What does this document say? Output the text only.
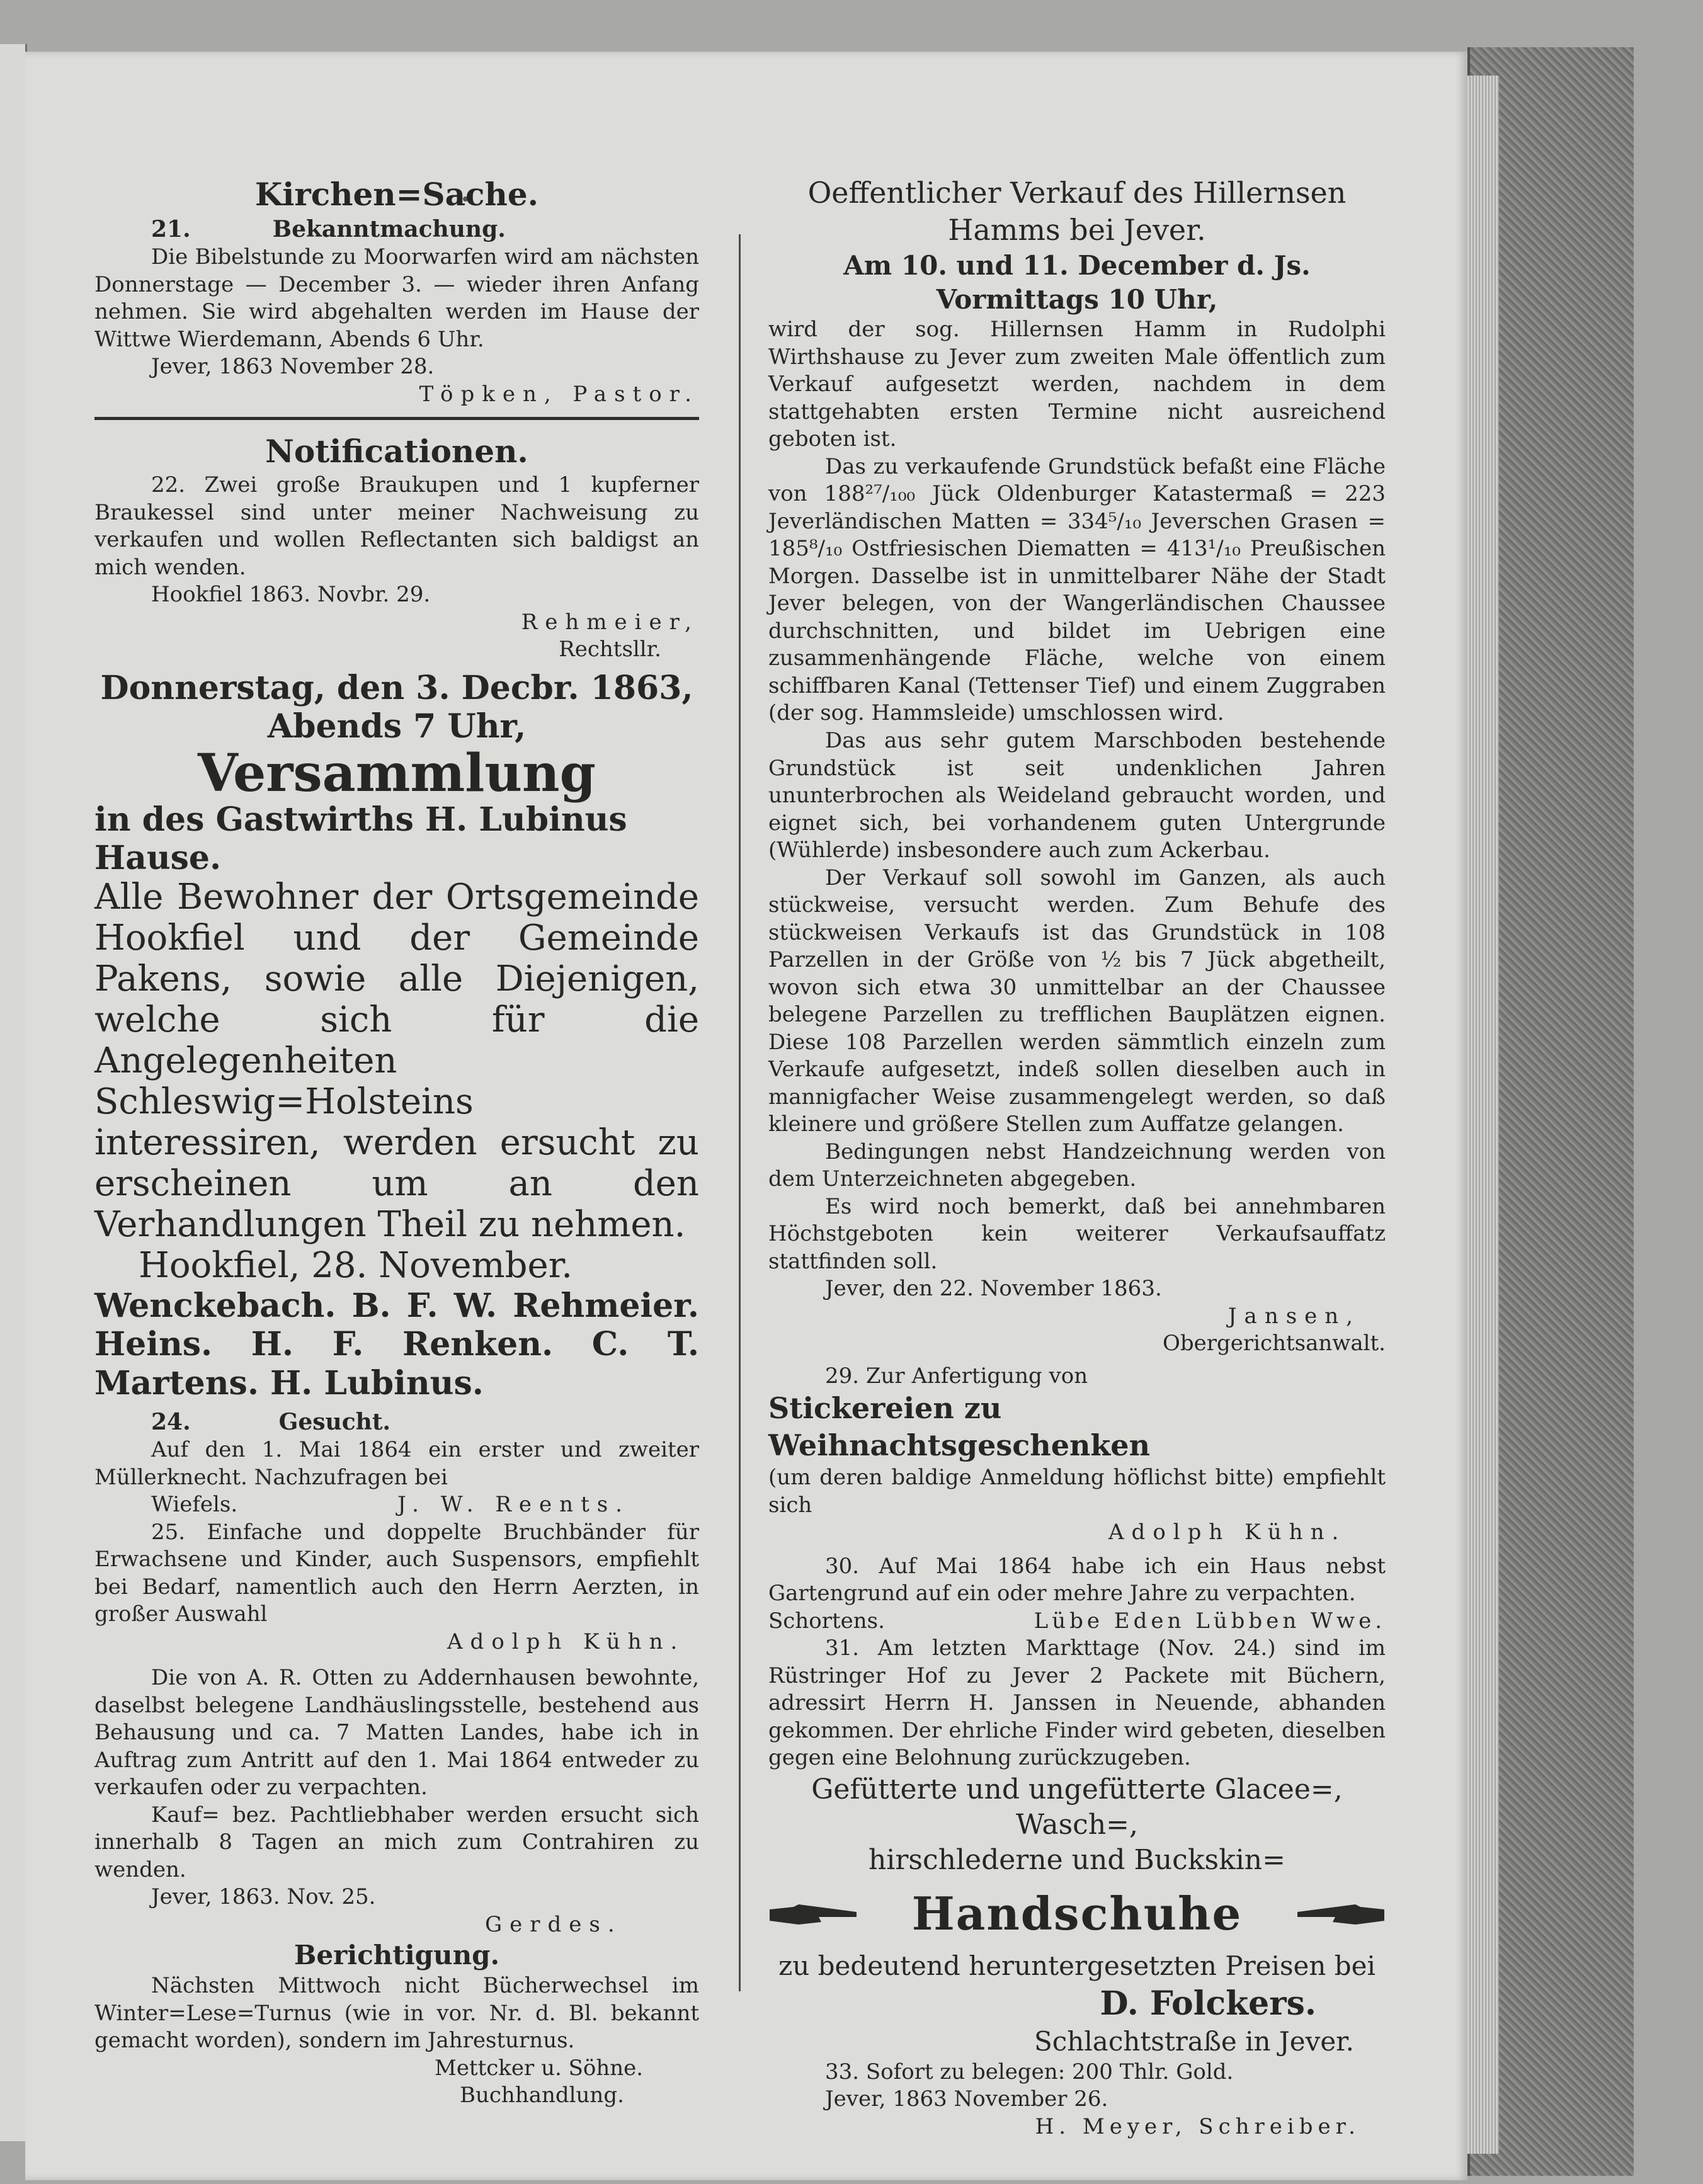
Kirchen=Sache.

21.	Bekanntmachung.

Die Bibelstunde zu Moorwarfen wird am nächsten Donnerstage — December 3. — wieder ihren Anfang nehmen. Sie wird abgehalten werden im Hause der Wittwe Wierdemann, Abends 6 Uhr.

Jever, 1863 November 28.

Töpken, Pastor.

Notificationen.

22. Zwei große Braukupen und 1 kupferner Braukessel sind unter meiner Nachweisung zu verkaufen und wollen Reflectanten sich baldigst an mich wenden.

Hookfiel 1863. Novbr. 29.

Rehmeier,

Rechtsllr.

Donnerstag, den 3. Decbr. 1863,

Abends 7 Uhr,

Versammlung

in des Gastwirths H. Lubinus Hause.

Alle Bewohner der Ortsgemeinde Hookfiel und der Gemeinde Pakens, sowie alle Diejenigen, welche sich für die Angelegenheiten Schleswig=Holsteins interessiren, werden ersucht zu erscheinen um an den Verhandlungen Theil zu nehmen.

Hookfiel, 28. November.

Wenckebach. B. F. W. Rehmeier. Heins. H. F. Renken. C. T. Martens. H. Lubinus.

24.	Gesucht.

Auf den 1. Mai 1864 ein erster und zweiter Müllerknecht. Nachzufragen bei

Wiefels.	J. W. Reents.

25. Einfache und doppelte Bruchbänder für Erwachsene und Kinder, auch Suspensors, empfiehlt bei Bedarf, namentlich auch den Herrn Aerzten, in großer Auswahl

Adolph Kühn.

Die von A. R. Otten zu Addernhausen bewohnte, daselbst belegene Landhäuslingsstelle, bestehend aus Behausung und ca. 7 Matten Landes, habe ich in Auftrag zum Antritt auf den 1. Mai 1864 entweder zu verkaufen oder zu verpachten.

Kauf= bez. Pachtliebhaber werden ersucht sich innerhalb 8 Tagen an mich zum Contrahiren zu wenden.

Jever, 1863. Nov. 25.

Gerdes.

Berichtigung.

Nächsten Mittwoch nicht Bücherwechsel im Winter=Lese=Turnus (wie in vor. Nr. d. Bl. bekannt gemacht worden), sondern im Jahresturnus.

Mettcker u. Söhne.

Buchhandlung.

Oeffentlicher Verkauf des Hillernsen

Hamms bei Jever.

Am 10. und 11. December d. Js.

Vormittags 10 Uhr,

wird der sog. Hillernsen Hamm in Rudolphi Wirthshause zu Jever zum zweiten Male öffentlich zum Verkauf aufgesetzt werden, nachdem in dem stattgehabten ersten Termine nicht ausreichend geboten ist.

Das zu verkaufende Grundstück befaßt eine Fläche von 188²⁷/₁₀₀ Jück Oldenburger Katastermaß = 223 Jeverländischen Matten = 334⁵/₁₀ Jeverschen Grasen = 185⁸/₁₀ Ostfriesischen Diematten = 413¹/₁₀ Preußischen Morgen. Dasselbe ist in unmittelbarer Nähe der Stadt Jever belegen, von der Wangerländischen Chaussee durchschnitten, und bildet im Uebrigen eine zusammenhängende Fläche, welche von einem schiffbaren Kanal (Tettenser Tief) und einem Zuggraben (der sog. Hammsleide) umschlossen wird.

Das aus sehr gutem Marschboden bestehende Grundstück ist seit undenklichen Jahren ununterbrochen als Weideland gebraucht worden, und eignet sich, bei vorhandenem guten Untergrunde (Wühlerde) insbesondere auch zum Ackerbau.

Der Verkauf soll sowohl im Ganzen, als auch stückweise, versucht werden. Zum Behufe des stückweisen Verkaufs ist das Grundstück in 108 Parzellen in der Größe von ½ bis 7 Jück abgetheilt, wovon sich etwa 30 unmittelbar an der Chaussee belegene Parzellen zu trefflichen Bauplätzen eignen. Diese 108 Parzellen werden sämmtlich einzeln zum Verkaufe aufgesetzt, indeß sollen dieselben auch in mannigfacher Weise zusammengelegt werden, so daß kleinere und größere Stellen zum Auffatze gelangen.

Bedingungen nebst Handzeichnung werden von dem Unterzeichneten abgegeben.

Es wird noch bemerkt, daß bei annehmbaren Höchstgeboten kein weiterer Verkaufsauffatz stattfinden soll.

Jever, den 22. November 1863.

Jansen,

Obergerichtsanwalt.

29. Zur Anfertigung von

Stickereien zu Weihnachtsgeschenken

(um deren baldige Anmeldung höflichst bitte) empfiehlt sich

Adolph Kühn.

30. Auf Mai 1864 habe ich ein Haus nebst Gartengrund auf ein oder mehre Jahre zu verpachten.

Schortens.	Lübe Eden Lübben Wwe.

31. Am letzten Markttage (Nov. 24.) sind im Rüstringer Hof zu Jever 2 Packete mit Büchern, adressirt Herrn H. Janssen in Neuende, abhanden gekommen. Der ehrliche Finder wird gebeten, dieselben gegen eine Belohnung zurückzugeben.

Gefütterte und ungefütterte Glacee=, Wasch=,

hirschlederne und Buckskin=

Handschuhe

zu bedeutend heruntergesetzten Preisen bei

D. Folckers.

Schlachtstraße in Jever.

33. Sofort zu belegen: 200 Thlr. Gold.

Jever, 1863 November 26.

H. Meyer, Schreiber.
